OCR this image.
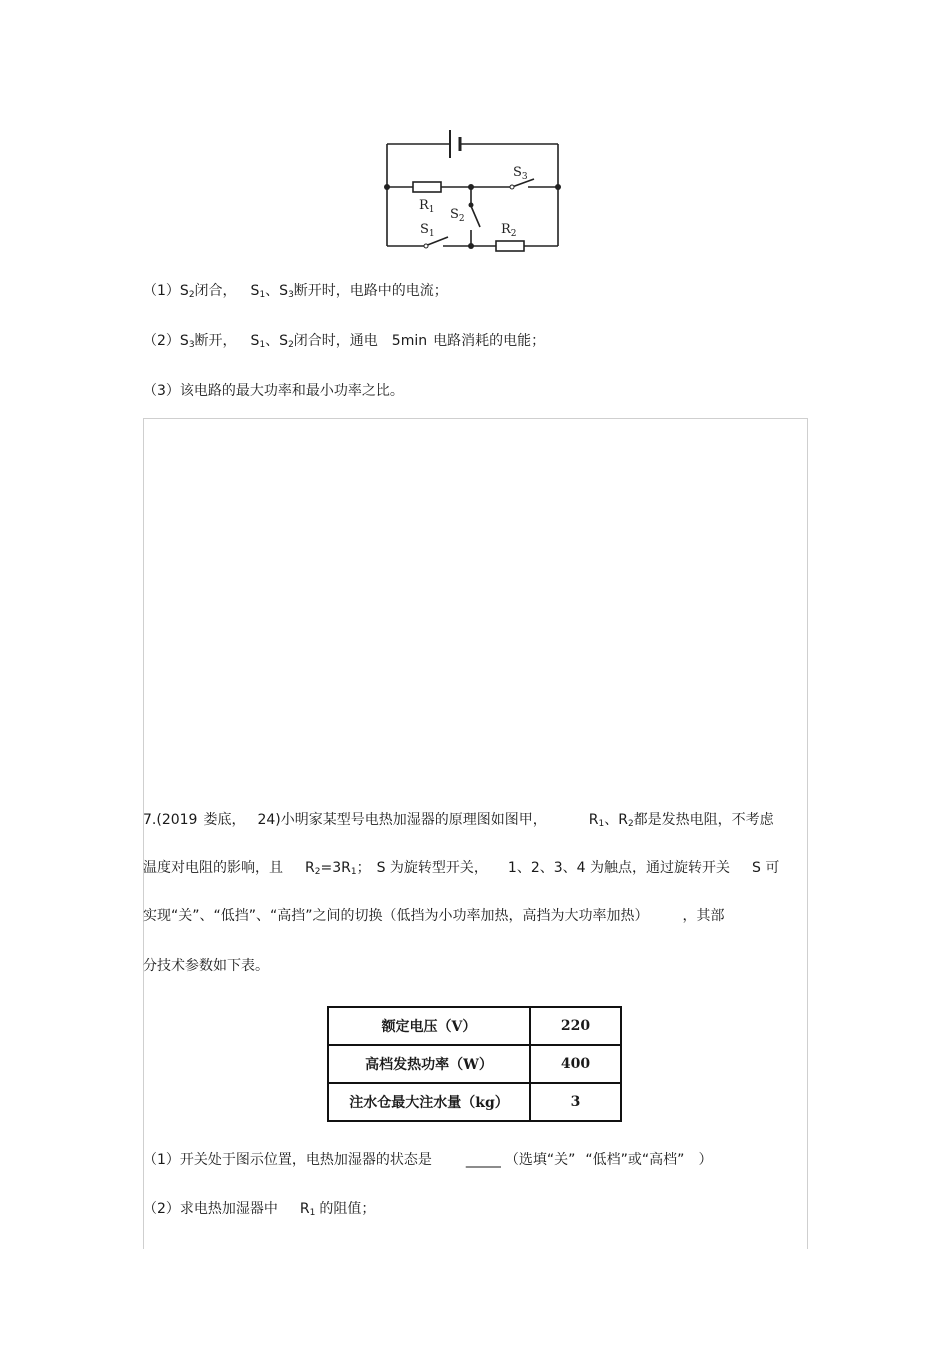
$R_1$ $S_2$
$S_3$
$S_1$	$R_2$
$(1)S_2$闭合， $S_1$、$S_3$断开时，电路中的电流；
$(2)S_3$断开， $S_1$、$S_2$闭合时，通电 5min 电路消耗的电能；
（3）该电路的最大功率和最小功率之比。
7.(2019 娄底， 24)小明家某型号电热加湿器的原理图如图甲，	$R_1$、$R_2$都是发热电阻，不考虑
温度对电阻的影响，且 $R_2=3R_1$； S 为旋转型开关， 1、2、3、4 为触点，通过旋转开关 S 可
实现“关”、“低挡”、“高挡”之间的切换（低挡为小功率加热，高挡为大功率加热） ，其部
分技术参数如下表。
额定电压（V）	220
高档发热功率（W）	400
注水仓最大注水量（kg）	3
（1）开关处于图示位置，电热加湿器的状态是 _____ （选填“关” “低档”或“高档” ）
（2）求电热加湿器中 $R_1$ 的阻值；
